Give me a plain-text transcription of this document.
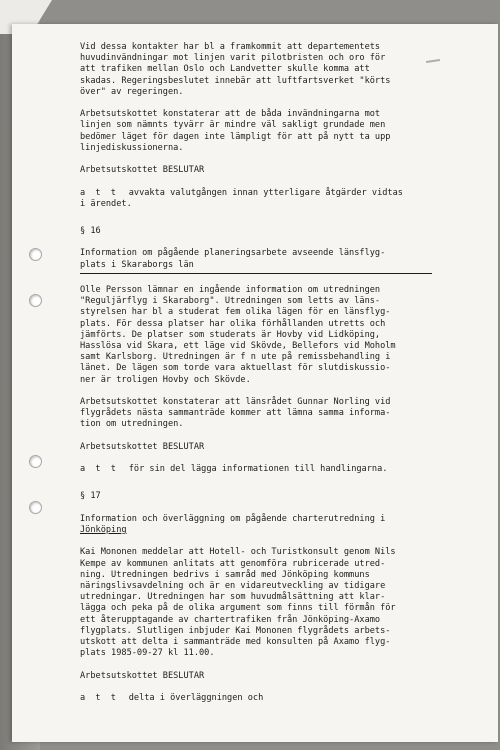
Vid dessa kontakter har bl a framkommit att departementets

huvudinvändningar mot linjen varit pilotbristen och oro för

att trafiken mellan Oslo och Landvetter skulle komma att

skadas. Regeringsbeslutet innebär att luftfartsverket "körts

över" av regeringen.

Arbetsutskottet konstaterar att de båda invändningarna mot

linjen som nämnts tyvärr är mindre väl sakligt grundade men

bedömer läget för dagen inte lämpligt för att på nytt ta upp

linjediskussionerna.

Arbetsutskottet BESLUTAR

a t t avvakta valutgången innan ytterligare åtgärder vidtas

i ärendet.

§ 16

Information om pågående planeringsarbete avseende länsflyg-

plats i Skaraborgs län

Olle Persson lämnar en ingående information om utredningen

"Reguljärflyg i Skaraborg". Utredningen som letts av läns-

styrelsen har bl a studerat fem olika lägen för en länsflyg-

plats. För dessa platser har olika förhållanden utretts och

jämförts. De platser som studerats är Hovby vid Lidköping,

Hasslösa vid Skara, ett läge vid Skövde, Bellefors vid Moholm

samt Karlsborg. Utredningen är f n ute på remissbehandling i

länet. De lägen som torde vara aktuellast för slutdiskussio-

ner är troligen Hovby och Skövde.

Arbetsutskottet konstaterar att länsrådet Gunnar Norling vid

flygrådets nästa sammanträde kommer att lämna samma informa-

tion om utredningen.

Arbetsutskottet BESLUTAR

a t t för sin del lägga informationen till handlingarna.

§ 17

Information och överläggning om pågående charterutredning i

Jönköping

Kai Mononen meddelar att Hotell- och Turistkonsult genom Nils

Kempe av kommunen anlitats att genomföra rubricerade utred-

ning. Utredningen bedrivs i samråd med Jönköping kommuns

näringslivsavdelning och är en vidareutveckling av tidigare

utredningar. Utredningen har som huvudmålsättning att klar-

lägga och peka på de olika argument som finns till förmån för

ett återupptagande av chartertrafiken från Jönköping-Axamo

flygplats. Slutligen inbjuder Kai Mononen flygrådets arbets-

utskott att delta i sammanträde med konsulten på Axamo flyg-

plats 1985-09-27 kl 11.00.

Arbetsutskottet BESLUTAR

a t t delta i överläggningen och
